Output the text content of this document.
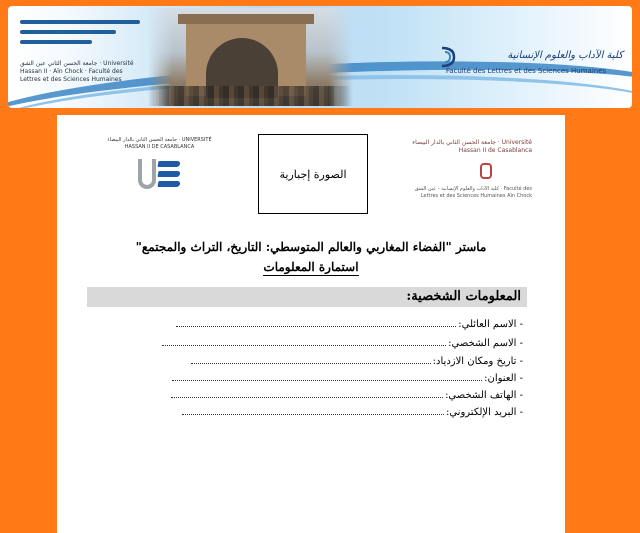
جامعة الحسن الثاني عين الشق · Université Hassan II · Aïn Chock · Faculté des Lettres et des Sciences Humaines
كلية الآداب والعلوم الإنسانية
Faculté des Lettres et des Sciences Humaines
جامعة الحسن الثاني بالدار البيضاء · UNIVERSITÉ HASSAN II DE CASABLANCA
الصورة إجبارية
جامعة الحسن الثاني بالدار البيضاء · Université Hassan II de Casablanca
كلية الآداب والعلوم الإنسانية - عين الشق · Faculté des Lettres et des Sciences Humaines Aïn Chock
ماستر "الفضاء المغاربي والعالم المتوسطي: التاريخ، التراث والمجتمع"
استمارة المعلومات
المعلومات الشخصية:
- الاسم العائلي:
- الاسم الشخصي:
- تاريخ ومكان الازدياد:
- العنوان:
- الهاتف الشخصي:
- البريد الإلكتروني:
